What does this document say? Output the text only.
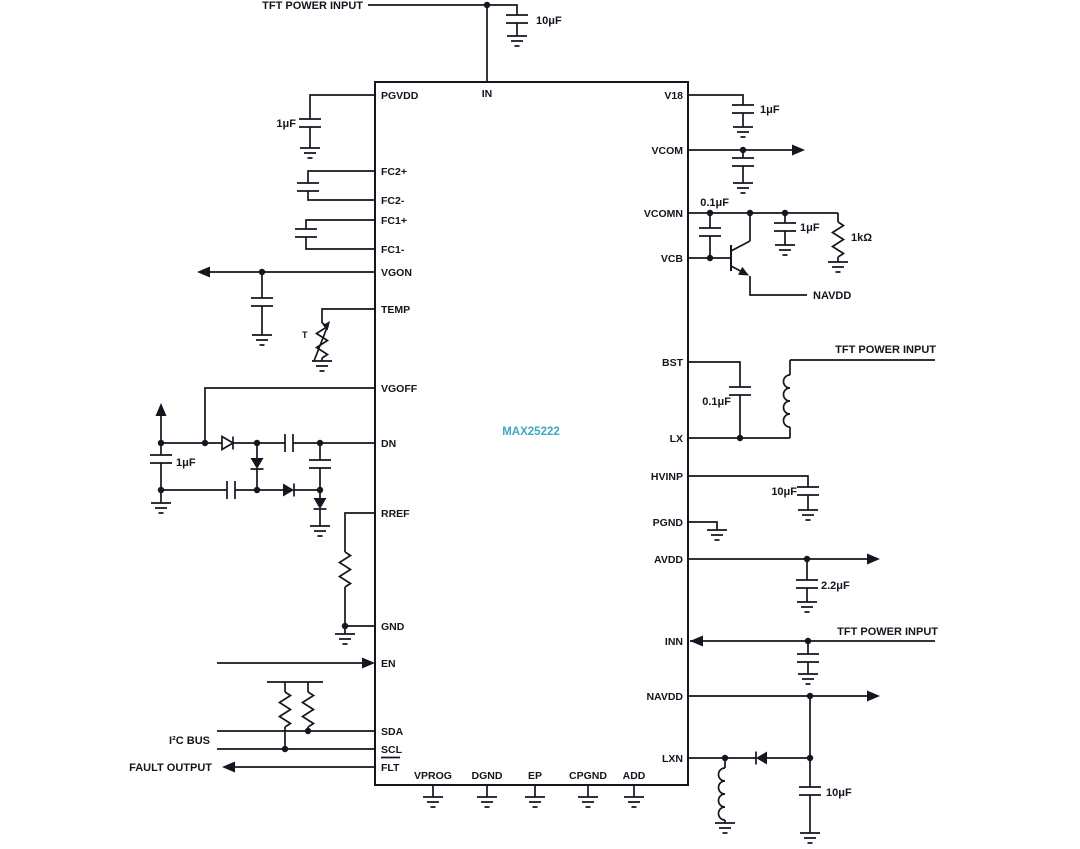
MAX25222
IN
PGVDD
FC2+
FC2-
FC1+
FC1-
VGON
TEMP
VGOFF
DN
RREF
GND
EN
SDA
SCL
FLT
V18
VCOM
VCOMN
VCB
BST
LX
HVINP
PGND
AVDD
INN
NAVDD
LXN
VPROG DGND EP	CPGND ADD
TFT POWER INPUT
TFT POWER INPUT
TFT POWER INPUT
NAVDD
I²C BUS
FAULT OUTPUT
10μF
1μF
1μF
1μF
0.1μF
1μF
1kΩ
0.1μF
10μF
2.2μF
10μF
T
